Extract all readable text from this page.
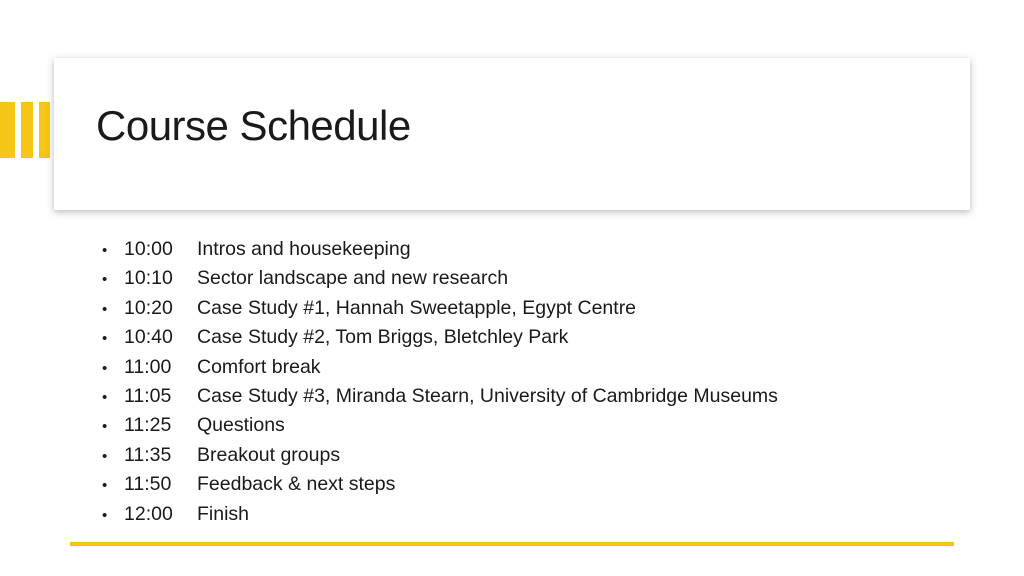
Course Schedule
• 10:00	Intros and housekeeping
• 10:10	Sector landscape and new research
• 10:20	Case Study #1, Hannah Sweetapple, Egypt Centre
• 10:40	Case Study #2, Tom Briggs, Bletchley Park
• 11:00	Comfort break
• 11:05	Case Study #3, Miranda Stearn, University of Cambridge Museums
• 11:25	Questions
• 11:35	Breakout groups
• 11:50	Feedback & next steps
• 12:00	Finish
